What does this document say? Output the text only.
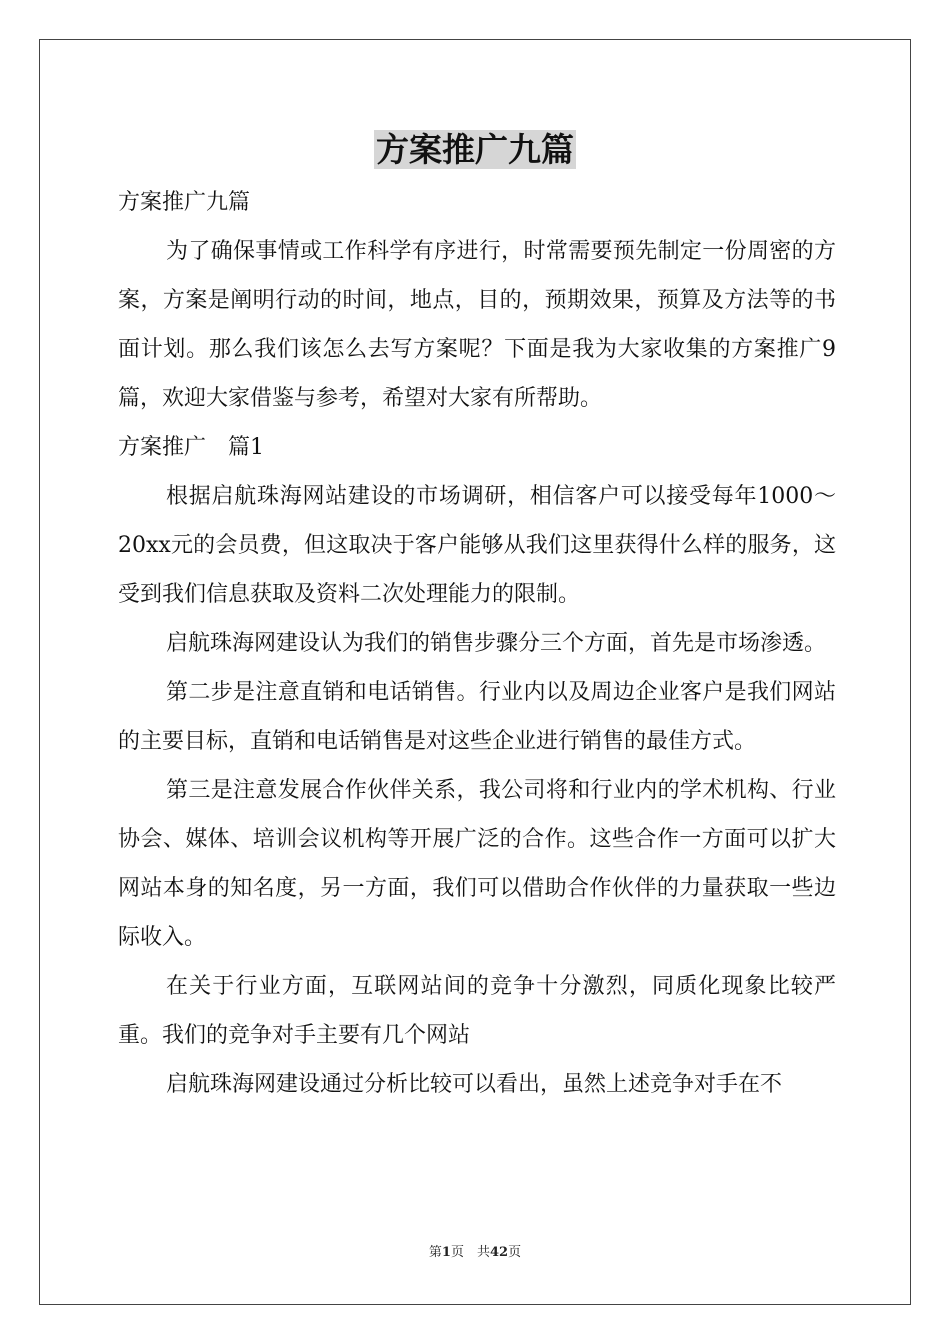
方案推广九篇

方案推广九篇

为了确保事情或工作科学有序进行，时常需要预先制定一份周密的方案，方案是阐明行动的时间，地点，目的，预期效果，预算及方法等的书面计划。那么我们该怎么去写方案呢？下面是我为大家收集的方案推广9篇，欢迎大家借鉴与参考，希望对大家有所帮助。

方案推广　篇1

根据启航珠海网站建设的市场调研，相信客户可以接受每年1000～20xx元的会员费，但这取决于客户能够从我们这里获得什么样的服务，这受到我们信息获取及资料二次处理能力的限制。

启航珠海网建设认为我们的销售步骤分三个方面，首先是市场渗透。

第二步是注意直销和电话销售。行业内以及周边企业客户是我们网站的主要目标，直销和电话销售是对这些企业进行销售的最佳方式。

第三是注意发展合作伙伴关系，我公司将和行业内的学术机构、行业协会、媒体、培训会议机构等开展广泛的合作。这些合作一方面可以扩大网站本身的知名度，另一方面，我们可以借助合作伙伴的力量获取一些边际收入。

在关于行业方面，互联网站间的竞争十分激烈，同质化现象比较严重。我们的竞争对手主要有几个网站

启航珠海网建设通过分析比较可以看出，虽然上述竞争对手在不

第1页　共42页
